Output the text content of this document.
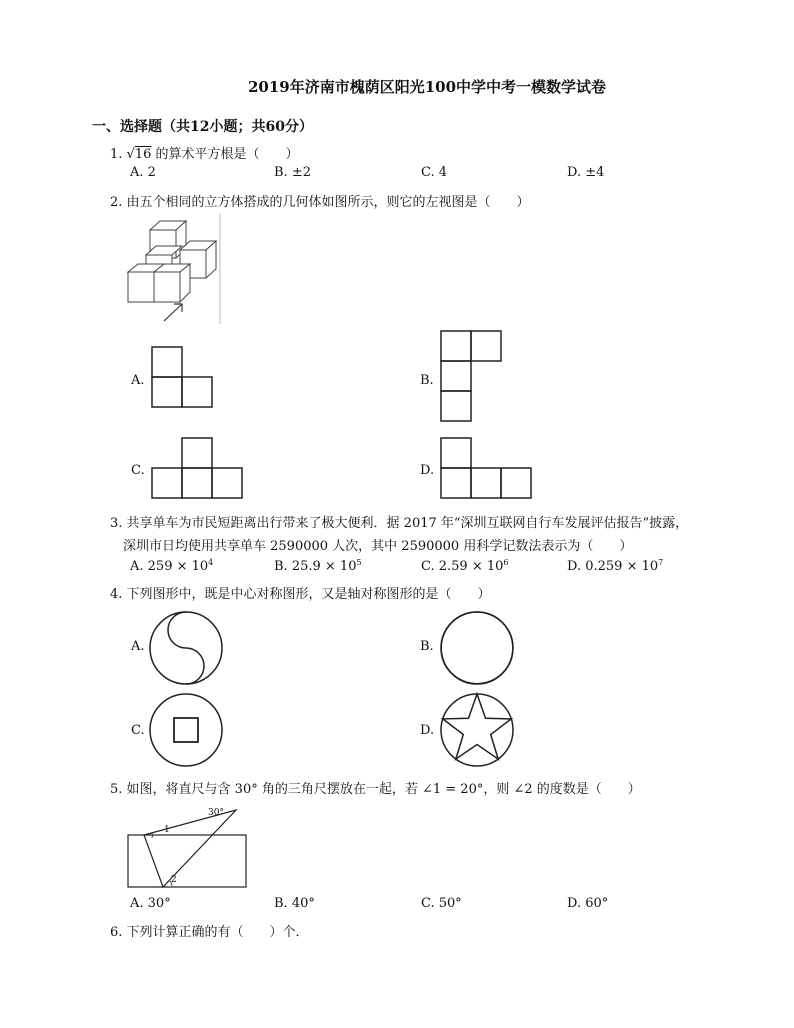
2019年济南市槐荫区阳光100中学中考一模数学试卷
一、选择题（共12小题；共60分）
1. √16 的算术平方根是（　　）
A. 2	B. ±2	C. 4	D. ±4
2. 由五个相同的立方体搭成的几何体如图所示，则它的左视图是（　　）
A.	B.
C.	D.
3. 共享单车为市民短距离出行带来了极大便利．据 2017 年“深圳互联网自行车发展评估报告”披露，
深圳市日均使用共享单车 2590000 人次，其中 2590000 用科学记数法表示为（　　）
A. $259 \times 10^4$	B. $25.9 \times 10^5$	C. $2.59 \times 10^6$	D. $0.259 \times 10^7$
4. 下列图形中，既是中心对称图形，又是轴对称图形的是（　　）
A.	B.
C.	D.
5. 如图，将直尺与含 30° 角的三角尺摆放在一起，若 ∠1 = 20°，则 ∠2 的度数是（　　）
30°
1
2
A. 30°	B. 40°	C. 50°	D. 60°
6. 下列计算正确的有（　　）个．
